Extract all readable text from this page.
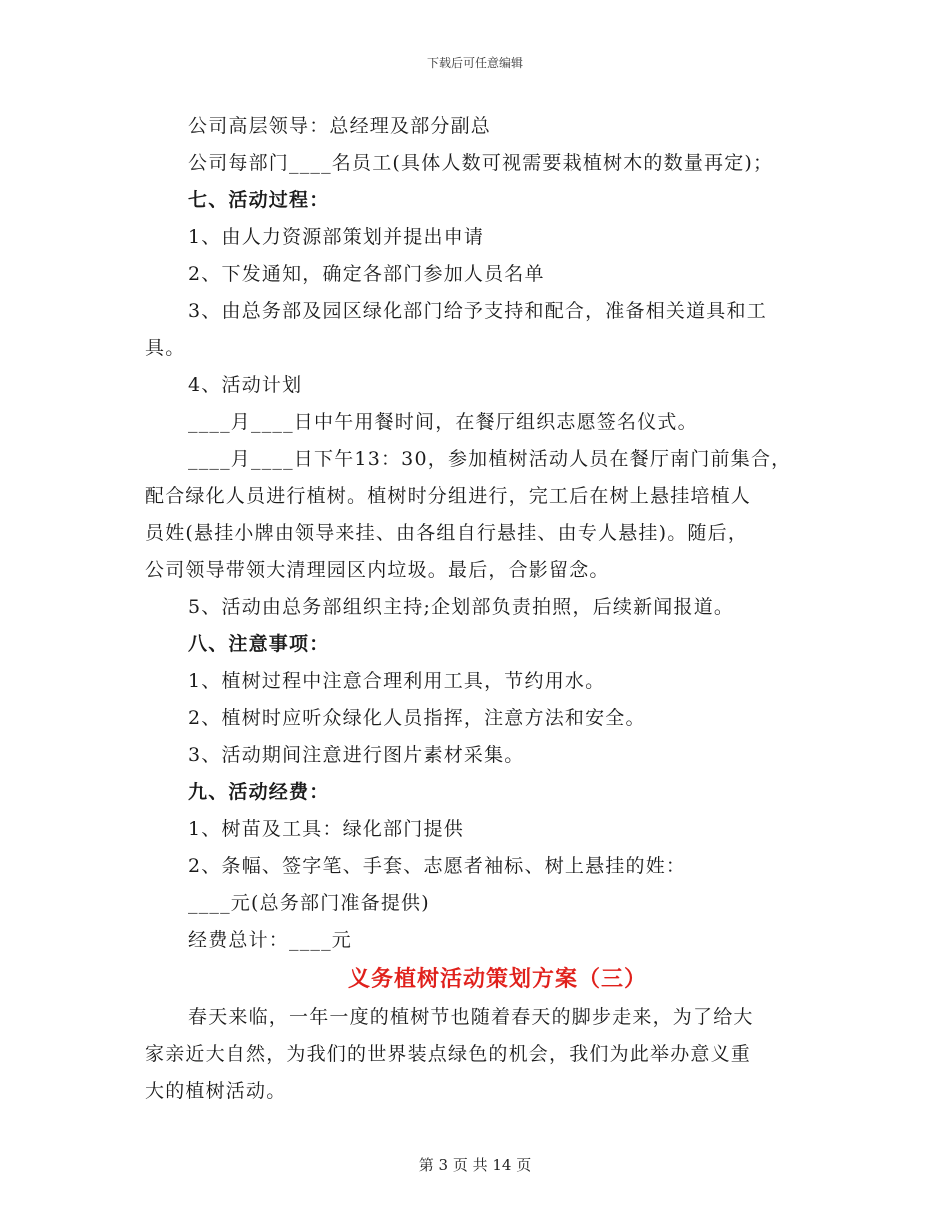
下载后可任意编辑
公司高层领导：总经理及部分副总
公司每部门____名员工(具体人数可视需要栽植树木的数量再定)；
七、活动过程：
1、由人力资源部策划并提出申请
2、下发通知，确定各部门参加人员名单
3、由总务部及园区绿化部门给予支持和配合，准备相关道具和工
具。
4、活动计划
____月____日中午用餐时间，在餐厅组织志愿签名仪式。
____月____日下午13：30，参加植树活动人员在餐厅南门前集合，
配合绿化人员进行植树。植树时分组进行，完工后在树上悬挂培植人
员姓(悬挂小牌由领导来挂、由各组自行悬挂、由专人悬挂)。随后，
公司领导带领大清理园区内垃圾。最后，合影留念。
5、活动由总务部组织主持;企划部负责拍照，后续新闻报道。
八、注意事项：
1、植树过程中注意合理利用工具，节约用水。
2、植树时应听众绿化人员指挥，注意方法和安全。
3、活动期间注意进行图片素材采集。
九、活动经费：
1、树苗及工具：绿化部门提供
2、条幅、签字笔、手套、志愿者袖标、树上悬挂的姓：
____元(总务部门准备提供)
经费总计：____元
义务植树活动策划方案（三）
春天来临，一年一度的植树节也随着春天的脚步走来，为了给大
家亲近大自然，为我们的世界装点绿色的机会，我们为此举办意义重
大的植树活动。
第 3 页 共 14 页
